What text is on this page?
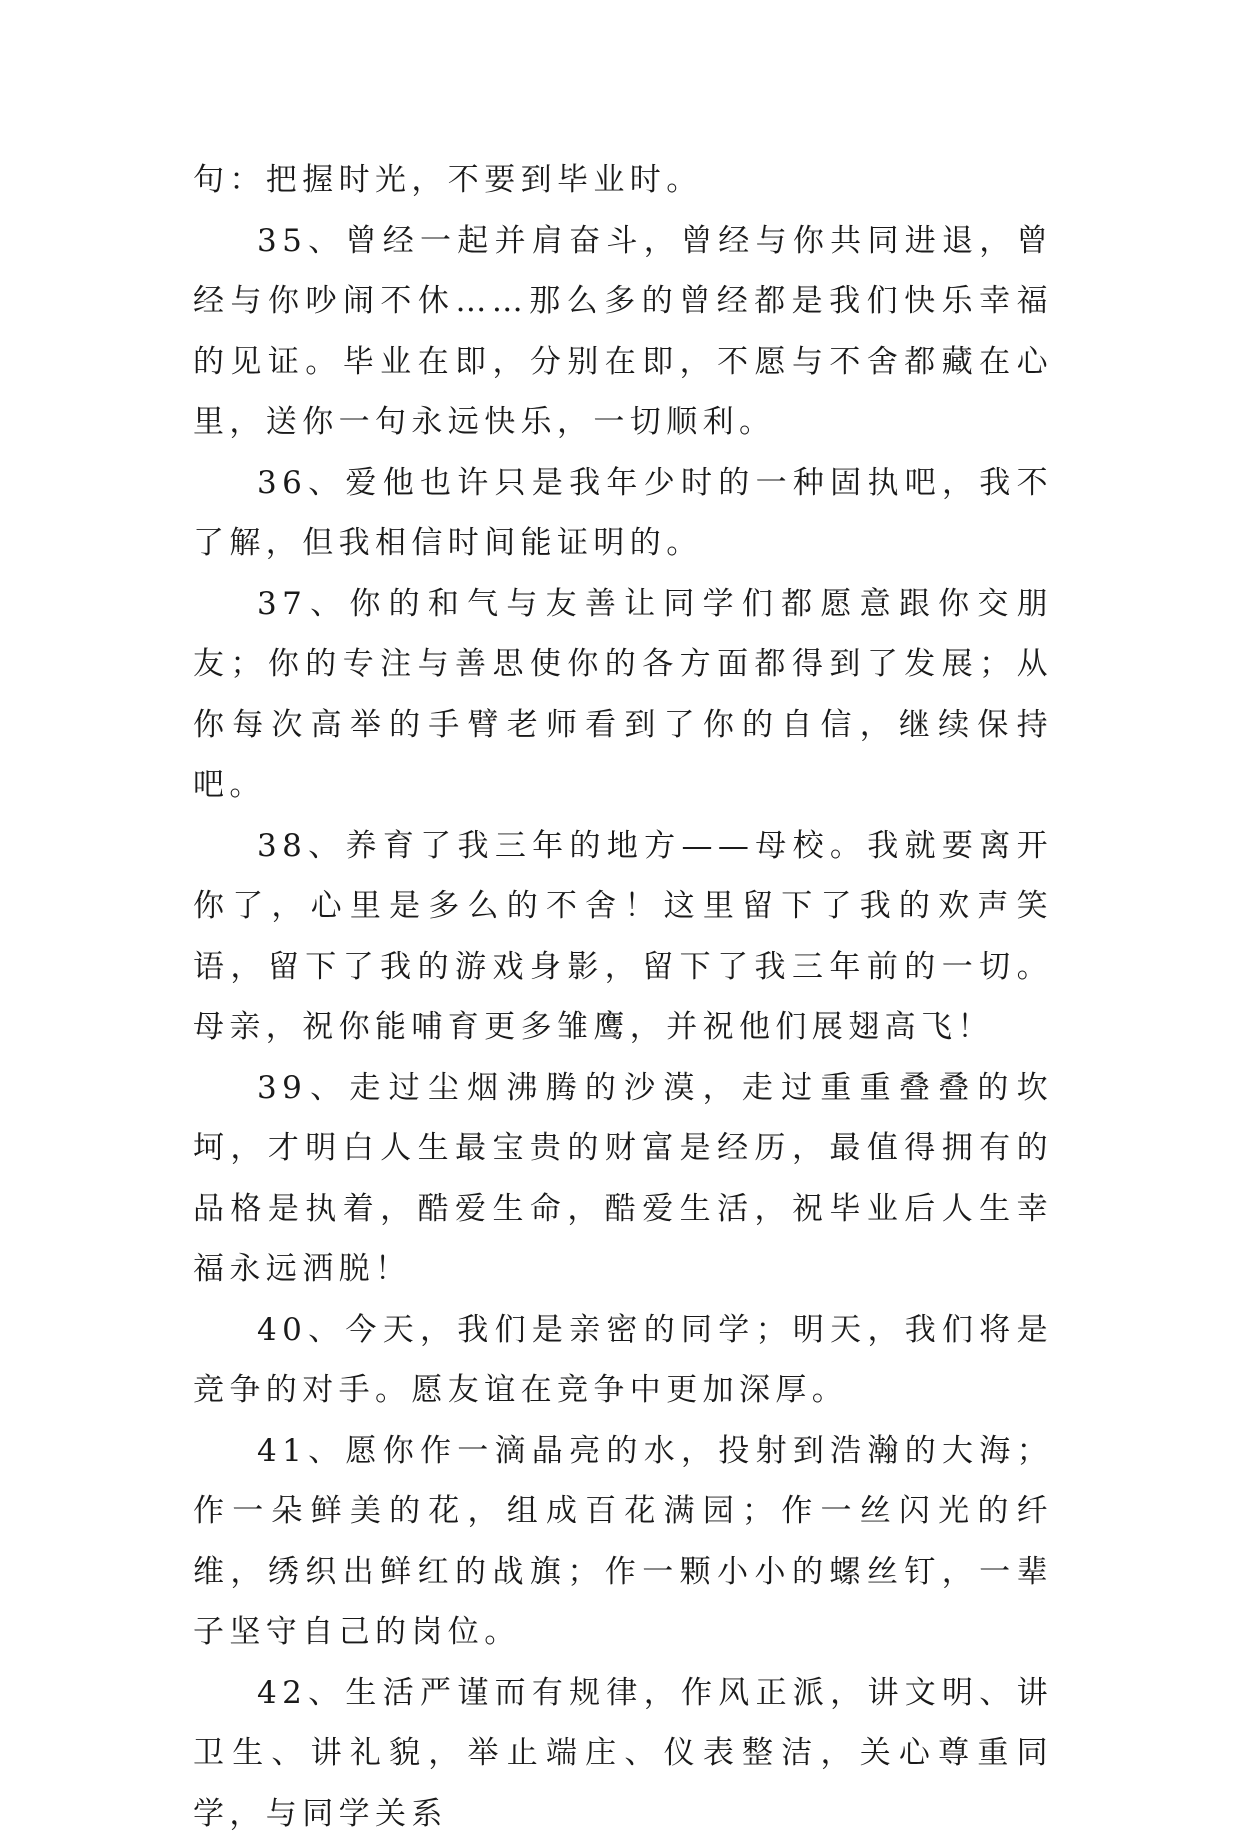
句：把握时光，不要到毕业时。

35、曾经一起并肩奋斗，曾经与你共同进退，曾经与你吵闹不休……那么多的曾经都是我们快乐幸福的见证。毕业在即，分别在即，不愿与不舍都藏在心里，送你一句永远快乐，一切顺利。

36、爱他也许只是我年少时的一种固执吧，我不了解，但我相信时间能证明的。

37、你的和气与友善让同学们都愿意跟你交朋友；你的专注与善思使你的各方面都得到了发展；从你每次高举的手臂老师看到了你的自信，继续保持吧。

38、养育了我三年的地方——母校。我就要离开你了，心里是多么的不舍！这里留下了我的欢声笑语，留下了我的游戏身影，留下了我三年前的一切。母亲，祝你能哺育更多雏鹰，并祝他们展翅高飞！

39、走过尘烟沸腾的沙漠，走过重重叠叠的坎坷，才明白人生最宝贵的财富是经历，最值得拥有的品格是执着，酷爱生命，酷爱生活，祝毕业后人生幸福永远洒脱！

40、今天，我们是亲密的同学；明天，我们将是竞争的对手。愿友谊在竞争中更加深厚。

41、愿你作一滴晶亮的水，投射到浩瀚的大海；作一朵鲜美的花，组成百花满园；作一丝闪光的纤维，绣织出鲜红的战旗；作一颗小小的螺丝钉，一辈子坚守自己的岗位。

42、生活严谨而有规律，作风正派，讲文明、讲卫生、讲礼貌，举止端庄、仪表整洁，关心尊重同学，与同学关系
